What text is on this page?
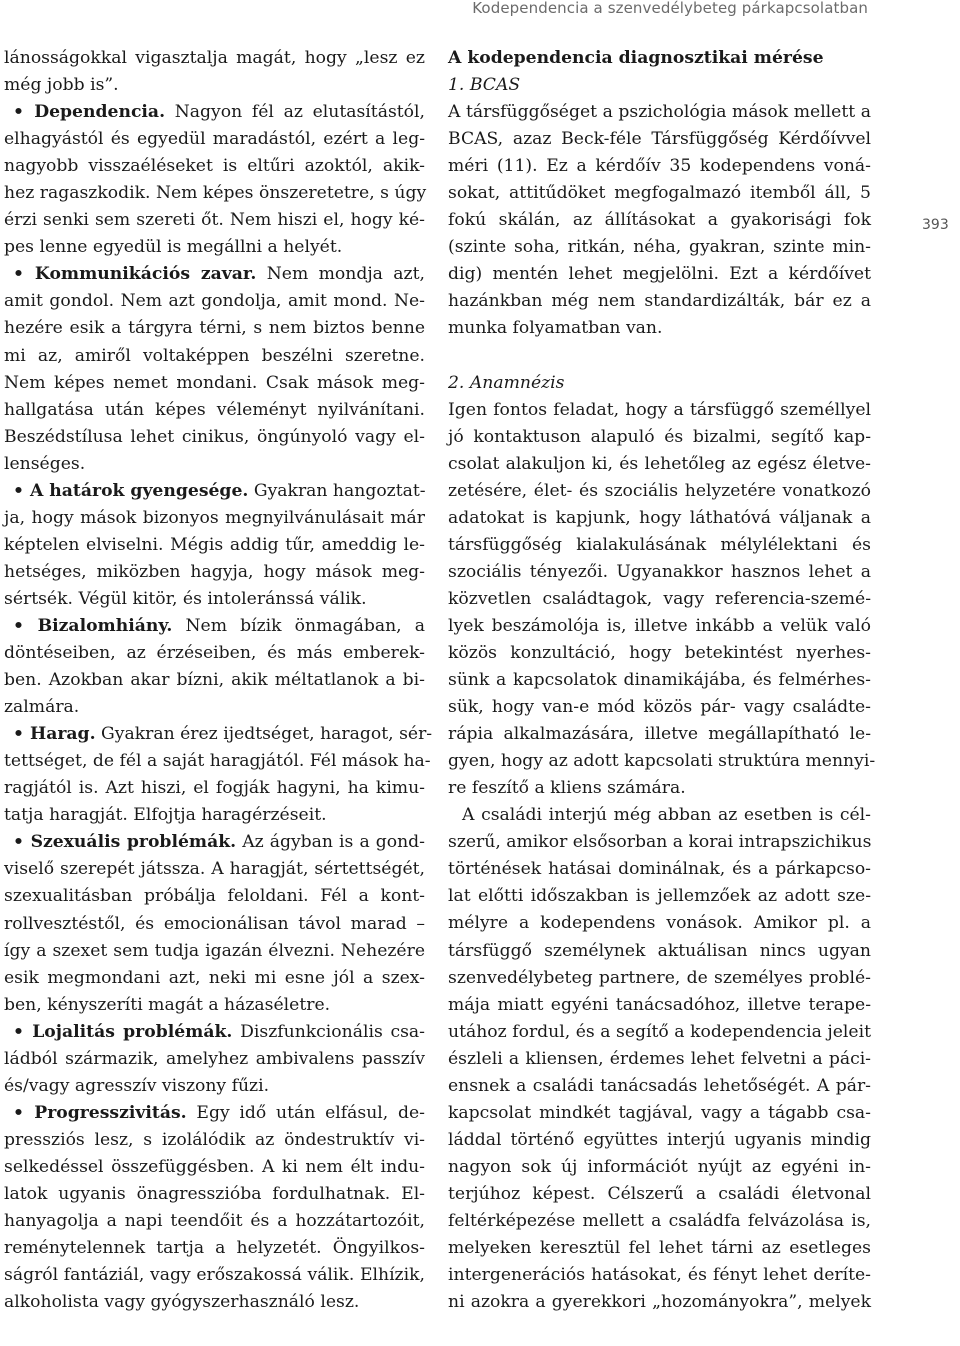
Kodependencia a szenvedélybeteg párkapcsolatban
393
lánosságokkal vigasztalja magát, hogy „lesz ez
még jobb is”.
• Dependencia. Nagyon fél az elutasítástól,
elhagyástól és egyedül maradástól, ezért a leg-
nagyobb visszaéléseket is eltűri azoktól, akik-
hez ragaszkodik. Nem képes önszeretetre, s úgy
érzi senki sem szereti őt. Nem hiszi el, hogy ké-
pes lenne egyedül is megállni a helyét.
• Kommunikációs zavar. Nem mondja azt,
amit gondol. Nem azt gondolja, amit mond. Ne-
hezére esik a tárgyra térni, s nem biztos benne
mi az, amiről voltaképpen beszélni szeretne.
Nem képes nemet mondani. Csak mások meg-
hallgatása után képes véleményt nyilvánítani.
Beszédstílusa lehet cinikus, öngúnyoló vagy el-
lenséges.
• A határok gyengesége. Gyakran hangoztat-
ja, hogy mások bizonyos megnyilvánulásait már
képtelen elviselni. Mégis addig tűr, ameddig le-
hetséges, miközben hagyja, hogy mások meg-
sértsék. Végül kitör, és intoleránssá válik.
• Bizalomhiány. Nem bízik önmagában, a
döntéseiben, az érzéseiben, és más emberek-
ben. Azokban akar bízni, akik méltatlanok a bi-
zalmára.
• Harag. Gyakran érez ijedtséget, haragot, sér-
tettséget, de fél a saját haragjától. Fél mások ha-
ragjától is. Azt hiszi, el fogják hagyni, ha kimu-
tatja haragját. Elfojtja haragérzéseit.
• Szexuális problémák. Az ágyban is a gond-
viselő szerepét játssza. A haragját, sértettségét,
szexualitásban próbálja feloldani. Fél a kont-
rollvesztéstől, és emocionálisan távol marad –
így a szexet sem tudja igazán élvezni. Nehezére
esik megmondani azt, neki mi esne jól a szex-
ben, kényszeríti magát a házaséletre.
• Lojalitás problémák. Diszfunkcionális csa-
ládból származik, amelyhez ambivalens passzív
és/vagy agresszív viszony fűzi.
• Progresszivitás. Egy idő után elfásul, de-
pressziós lesz, s izolálódik az öndestruktív vi-
selkedéssel összefüggésben. A ki nem élt indu-
latok ugyanis önagresszióba fordulhatnak. El-
hanyagolja a napi teendőit és a hozzátartozóit,
reménytelennek tartja a helyzetét. Öngyilkos-
ságról fantáziál, vagy erőszakossá válik. Elhízik,
alkoholista vagy gyógyszerhasználó lesz.
A kodependencia diagnosztikai mérése
1. BCAS
A társfüggőséget a pszichológia mások mellett a
BCAS, azaz Beck-féle Társfüggőség Kérdőívvel
méri (11). Ez a kérdőív 35 kodependens voná-
sokat, attitűdöket megfogalmazó itemből áll, 5
fokú skálán, az állításokat a gyakorisági fok
(szinte soha, ritkán, néha, gyakran, szinte min-
dig) mentén lehet megjelölni. Ezt a kérdőívet
hazánkban még nem standardizálták, bár ez a
munka folyamatban van.
2. Anamnézis
Igen fontos feladat, hogy a társfüggő személlyel
jó kontaktuson alapuló és bizalmi, segítő kap-
csolat alakuljon ki, és lehetőleg az egész életve-
zetésére, élet- és szociális helyzetére vonatkozó
adatokat is kapjunk, hogy láthatóvá váljanak a
társfüggőség kialakulásának mélylélektani és
szociális tényezői. Ugyanakkor hasznos lehet a
közvetlen családtagok, vagy referencia-szemé-
lyek beszámolója is, illetve inkább a velük való
közös konzultáció, hogy betekintést nyerhes-
sünk a kapcsolatok dinamikájába, és felmérhes-
sük, hogy van-e mód közös pár- vagy családte-
rápia alkalmazására, illetve megállapítható le-
gyen, hogy az adott kapcsolati struktúra mennyi-
re feszítő a kliens számára.
A családi interjú még abban az esetben is cél-
szerű, amikor elsősorban a korai intrapszichikus
történések hatásai dominálnak, és a párkapcso-
lat előtti időszakban is jellemzőek az adott sze-
mélyre a kodependens vonások. Amikor pl. a
társfüggő személynek aktuálisan nincs ugyan
szenvedélybeteg partnere, de személyes problé-
mája miatt egyéni tanácsadóhoz, illetve terape-
utához fordul, és a segítő a kodependencia jeleit
észleli a kliensen, érdemes lehet felvetni a páci-
ensnek a családi tanácsadás lehetőségét. A pár-
kapcsolat mindkét tagjával, vagy a tágabb csa-
láddal történő együttes interjú ugyanis mindig
nagyon sok új információt nyújt az egyéni in-
terjúhoz képest. Célszerű a családi életvonal
feltérképezése mellett a családfa felvázolása is,
melyeken keresztül fel lehet tárni az esetleges
intergenerációs hatásokat, és fényt lehet deríte-
ni azokra a gyerekkori „hozományokra”, melyek
